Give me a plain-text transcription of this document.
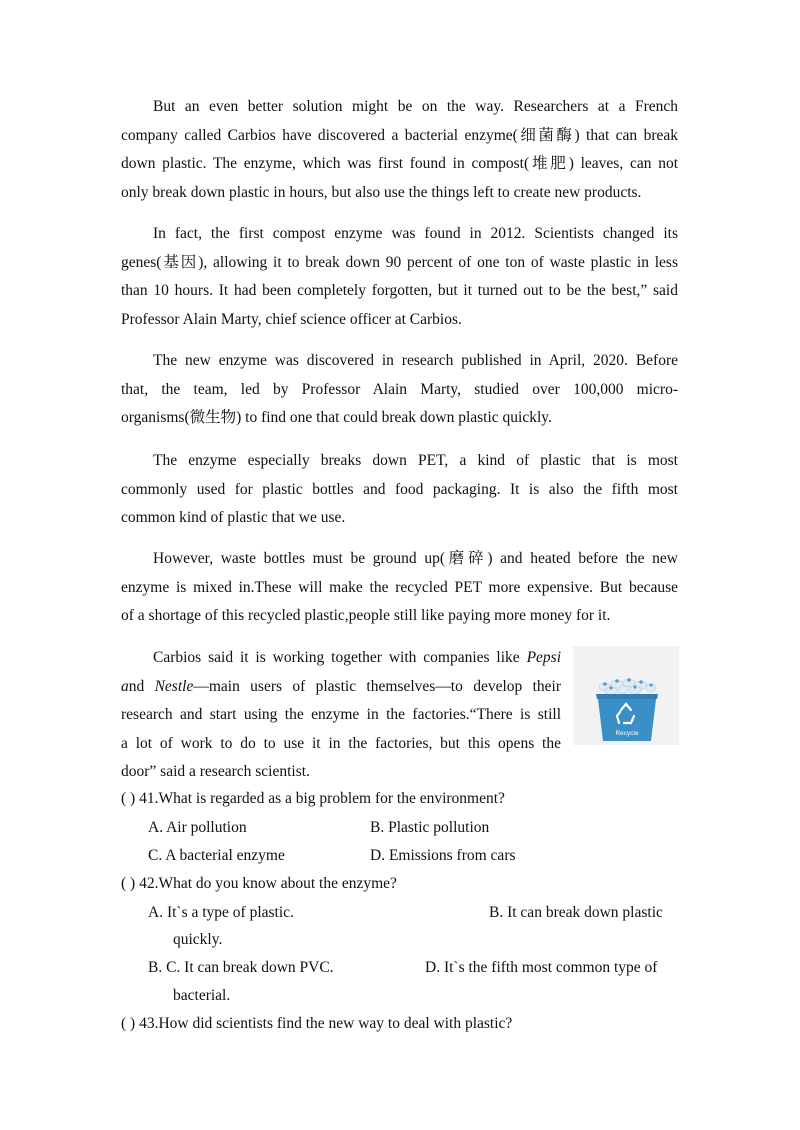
But an even better solution might be on the way. Researchers at a French
company called Carbios have discovered a bacterial enzyme(细菌酶) that can break
down plastic. The enzyme, which was first found in compost(堆肥) leaves, can not
only break down plastic in hours, but also use the things left to create new products.
In fact, the first compost enzyme was found in 2012. Scientists changed its
genes(基因), allowing it to break down 90 percent of one ton of waste plastic in less
than 10 hours. It had been completely forgotten, but it turned out to be the best,” said
Professor Alain Marty, chief science officer at Carbios.
The new enzyme was discovered in research published in April, 2020. Before
that, the team, led by Professor Alain Marty, studied over 100,000 micro-
organisms(微生物) to find one that could break down plastic quickly.
The enzyme especially breaks down PET, a kind of plastic that is most
commonly used for plastic bottles and food packaging. It is also the fifth most
common kind of plastic that we use.
However, waste bottles must be ground up(磨碎) and heated before the new
enzyme is mixed in.These will make the recycled PET more expensive. But because
of a shortage of this recycled plastic,people still like paying more money for it.
Carbios said it is working together with companies like Pepsi
and Nestle—main users of plastic themselves—to develop their
research and start using the enzyme in the factories.“There is still
a lot of work to do to use it in the factories, but this opens the
door” said a research scientist.
Recycle
( ) 41.What is regarded as a big problem for the environment?
A. Air pollution	B. Plastic pollution
C. A bacterial enzyme	D. Emissions from cars
( ) 42.What do you know about the enzyme?
A. It`s a type of plastic.	B. It can break down plastic
quickly.
B. C. It can break down PVC.	D. It`s the fifth most common type of
bacterial.
( ) 43.How did scientists find the new way to deal with plastic?
